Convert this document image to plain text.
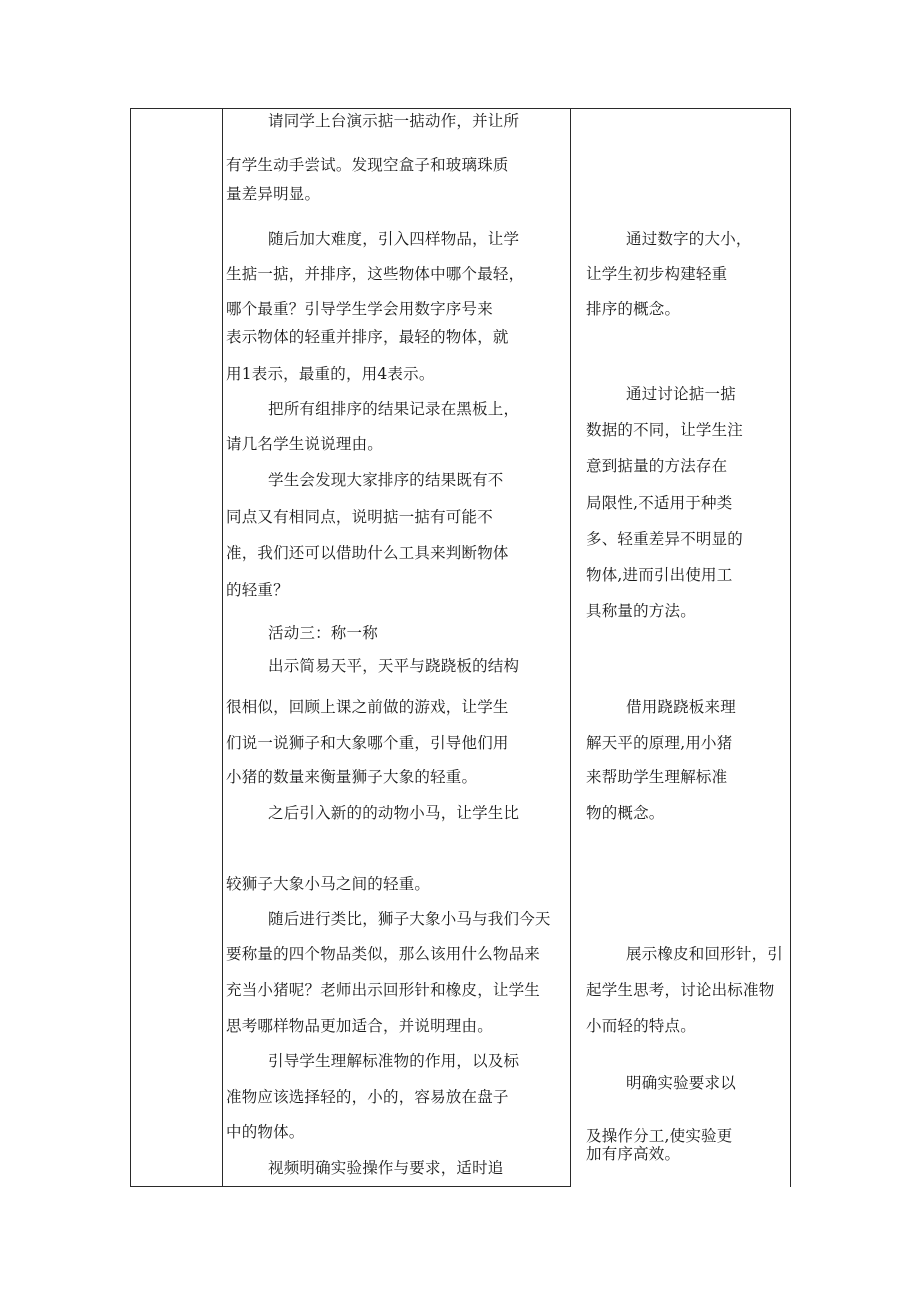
请同学上台演示掂一掂动作，并让所
有学生动手尝试。发现空盒子和玻璃珠质
量差异明显。
随后加大难度，引入四样物品，让学
生掂一掂，并排序，这些物体中哪个最轻，
哪个最重？引导学生学会用数字序号来
表示物体的轻重并排序，最轻的物体，就
用1表示，最重的，用4表示。
把所有组排序的结果记录在黑板上，
请几名学生说说理由。
学生会发现大家排序的结果既有不
同点又有相同点，说明掂一掂有可能不
准，我们还可以借助什么工具来判断物体
的轻重？
活动三：称一称
出示简易天平，天平与跷跷板的结构
很相似，回顾上课之前做的游戏，让学生
们说一说狮子和大象哪个重，引导他们用
小猪的数量来衡量狮子大象的轻重。
之后引入新的的动物小马，让学生比
较狮子大象小马之间的轻重。
随后进行类比，狮子大象小马与我们今天
要称量的四个物品类似，那么该用什么物品来
充当小猪呢？老师出示回形针和橡皮，让学生
思考哪样物品更加适合，并说明理由。
引导学生理解标准物的作用，以及标
准物应该选择轻的，小的，容易放在盘子
中的物体。
视频明确实验操作与要求，适时追
通过数字的大小，
让学生初步构建轻重
排序的概念。
通过讨论掂一掂
数据的不同，让学生注
意到掂量的方法存在
局限性,不适用于种类
多、轻重差异不明显的
物体,进而引出使用工
具称量的方法。
借用跷跷板来理
解天平的原理,用小猪
来帮助学生理解标准
物的概念。
展示橡皮和回形针，引
起学生思考，讨论出标准物
小而轻的特点。
明确实验要求以
及操作分工,使实验更
加有序高效。
